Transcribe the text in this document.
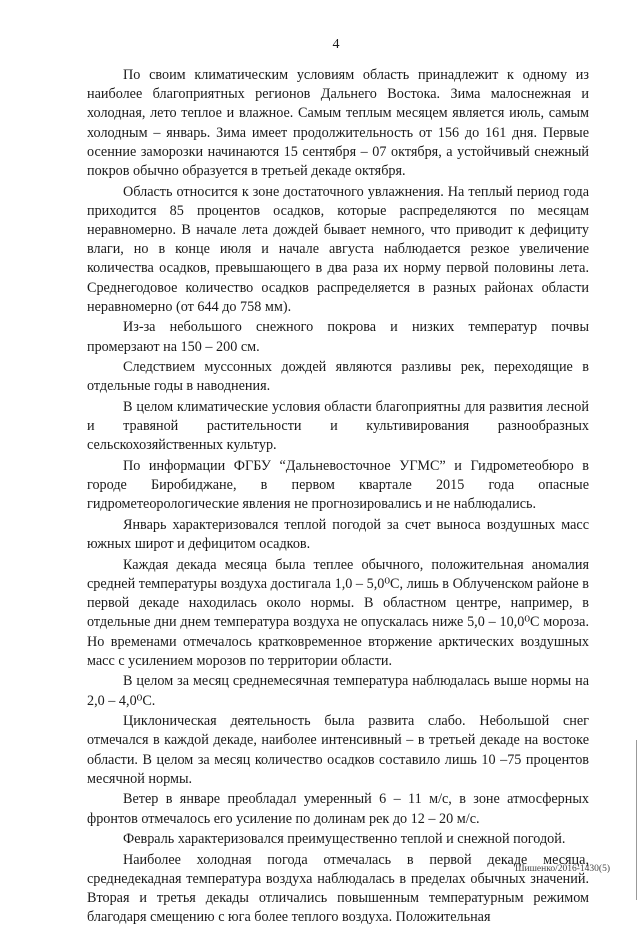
4

По своим климатическим условиям область принадлежит к одному из наиболее благоприятных регионов Дальнего Востока. Зима малоснежная и холодная, лето теплое и влажное. Самым теплым месяцем является июль, самым холодным – январь. Зима имеет продолжительность от 156 до 161 дня. Первые осенние заморозки начинаются 15 сентября – 07 октября, а устойчивый снежный покров обычно образуется в третьей декаде октября.

Область относится к зоне достаточного увлажнения. На теплый период года приходится 85 процентов осадков, которые распределяются по месяцам неравномерно. В начале лета дождей бывает немного, что приводит к дефициту влаги, но в конце июля и начале августа наблюдается резкое увеличение количества осадков, превышающего в два раза их норму первой половины лета. Среднегодовое количество осадков распределяется в разных районах области неравномерно (от 644 до 758 мм).

Из-за небольшого снежного покрова и низких температур почвы промерзают на 150 – 200 см.

Следствием муссонных дождей являются разливы рек, переходящие в отдельные годы в наводнения.

В целом климатические условия области благоприятны для развития лесной и травяной растительности и культивирования разнообразных сельскохозяйственных культур.

По информации ФГБУ “Дальневосточное УГМС” и Гидрометеобюро в городе Биробиджане, в первом квартале 2015 года опасные гидрометеорологические явления не прогнозировались и не наблюдались.

Январь характеризовался теплой погодой за счет выноса воздушных масс южных широт и дефицитом осадков.

Каждая декада месяца была теплее обычного, положительная аномалия средней температуры воздуха достигала 1,0 – 5,0⁰С, лишь в Облученском районе в первой декаде находилась около нормы. В областном центре, например, в отдельные дни днем температура воздуха не опускалась ниже 5,0 – 10,0⁰С мороза. Но временами отмечалось кратковременное вторжение арктических воздушных масс с усилением морозов по территории области.

В целом за месяц среднемесячная температура наблюдалась выше нормы на 2,0 – 4,0⁰С.

Циклоническая деятельность была развита слабо. Небольшой снег отмечался в каждой декаде, наиболее интенсивный – в третьей декаде на востоке области. В целом за месяц количество осадков составило лишь 10 –75 процентов месячной нормы.

Ветер в январе преобладал умеренный 6 – 11 м/с, в зоне атмосферных фронтов отмечалось его усиление по долинам рек до 12 – 20 м/с.

Февраль характеризовался преимущественно теплой и снежной погодой.

Наиболее холодная погода отмечалась в первой декаде месяца, среднедекадная температура воздуха наблюдалась в пределах обычных значений. Вторая и третья декады отличались повышенным температурным режимом благодаря смещению с юга более теплого воздуха. Положительная

Шишенко/2016-1430(5)
